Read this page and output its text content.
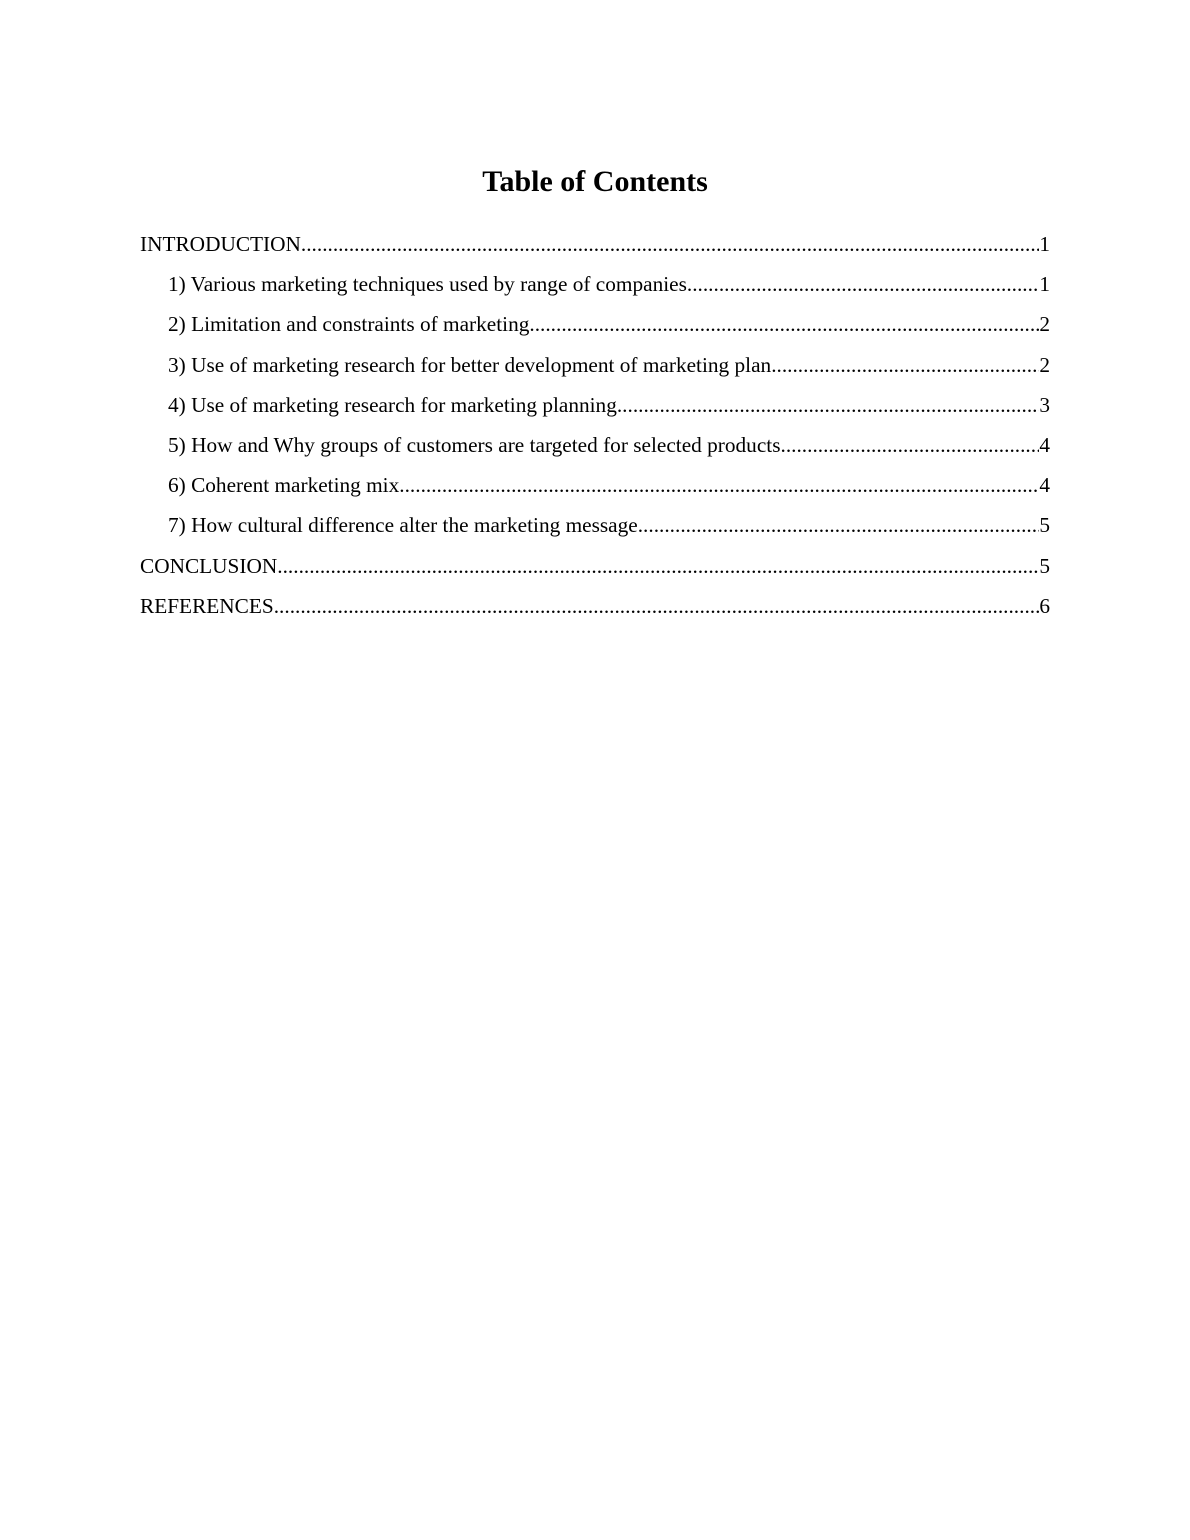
Table of Contents
INTRODUCTION .....	1
1) Various marketing techniques used by range of companies .....	1
2) Limitation and constraints of marketing .....	2
3) Use of marketing research for better development of marketing plan .....	2
4) Use of marketing research for marketing planning .....	3
5) How and Why groups of customers are targeted for selected products .....	4
6) Coherent marketing mix .....	4
7) How cultural difference alter the marketing message .....	5
CONCLUSION .....	5
REFERENCES .....	6
